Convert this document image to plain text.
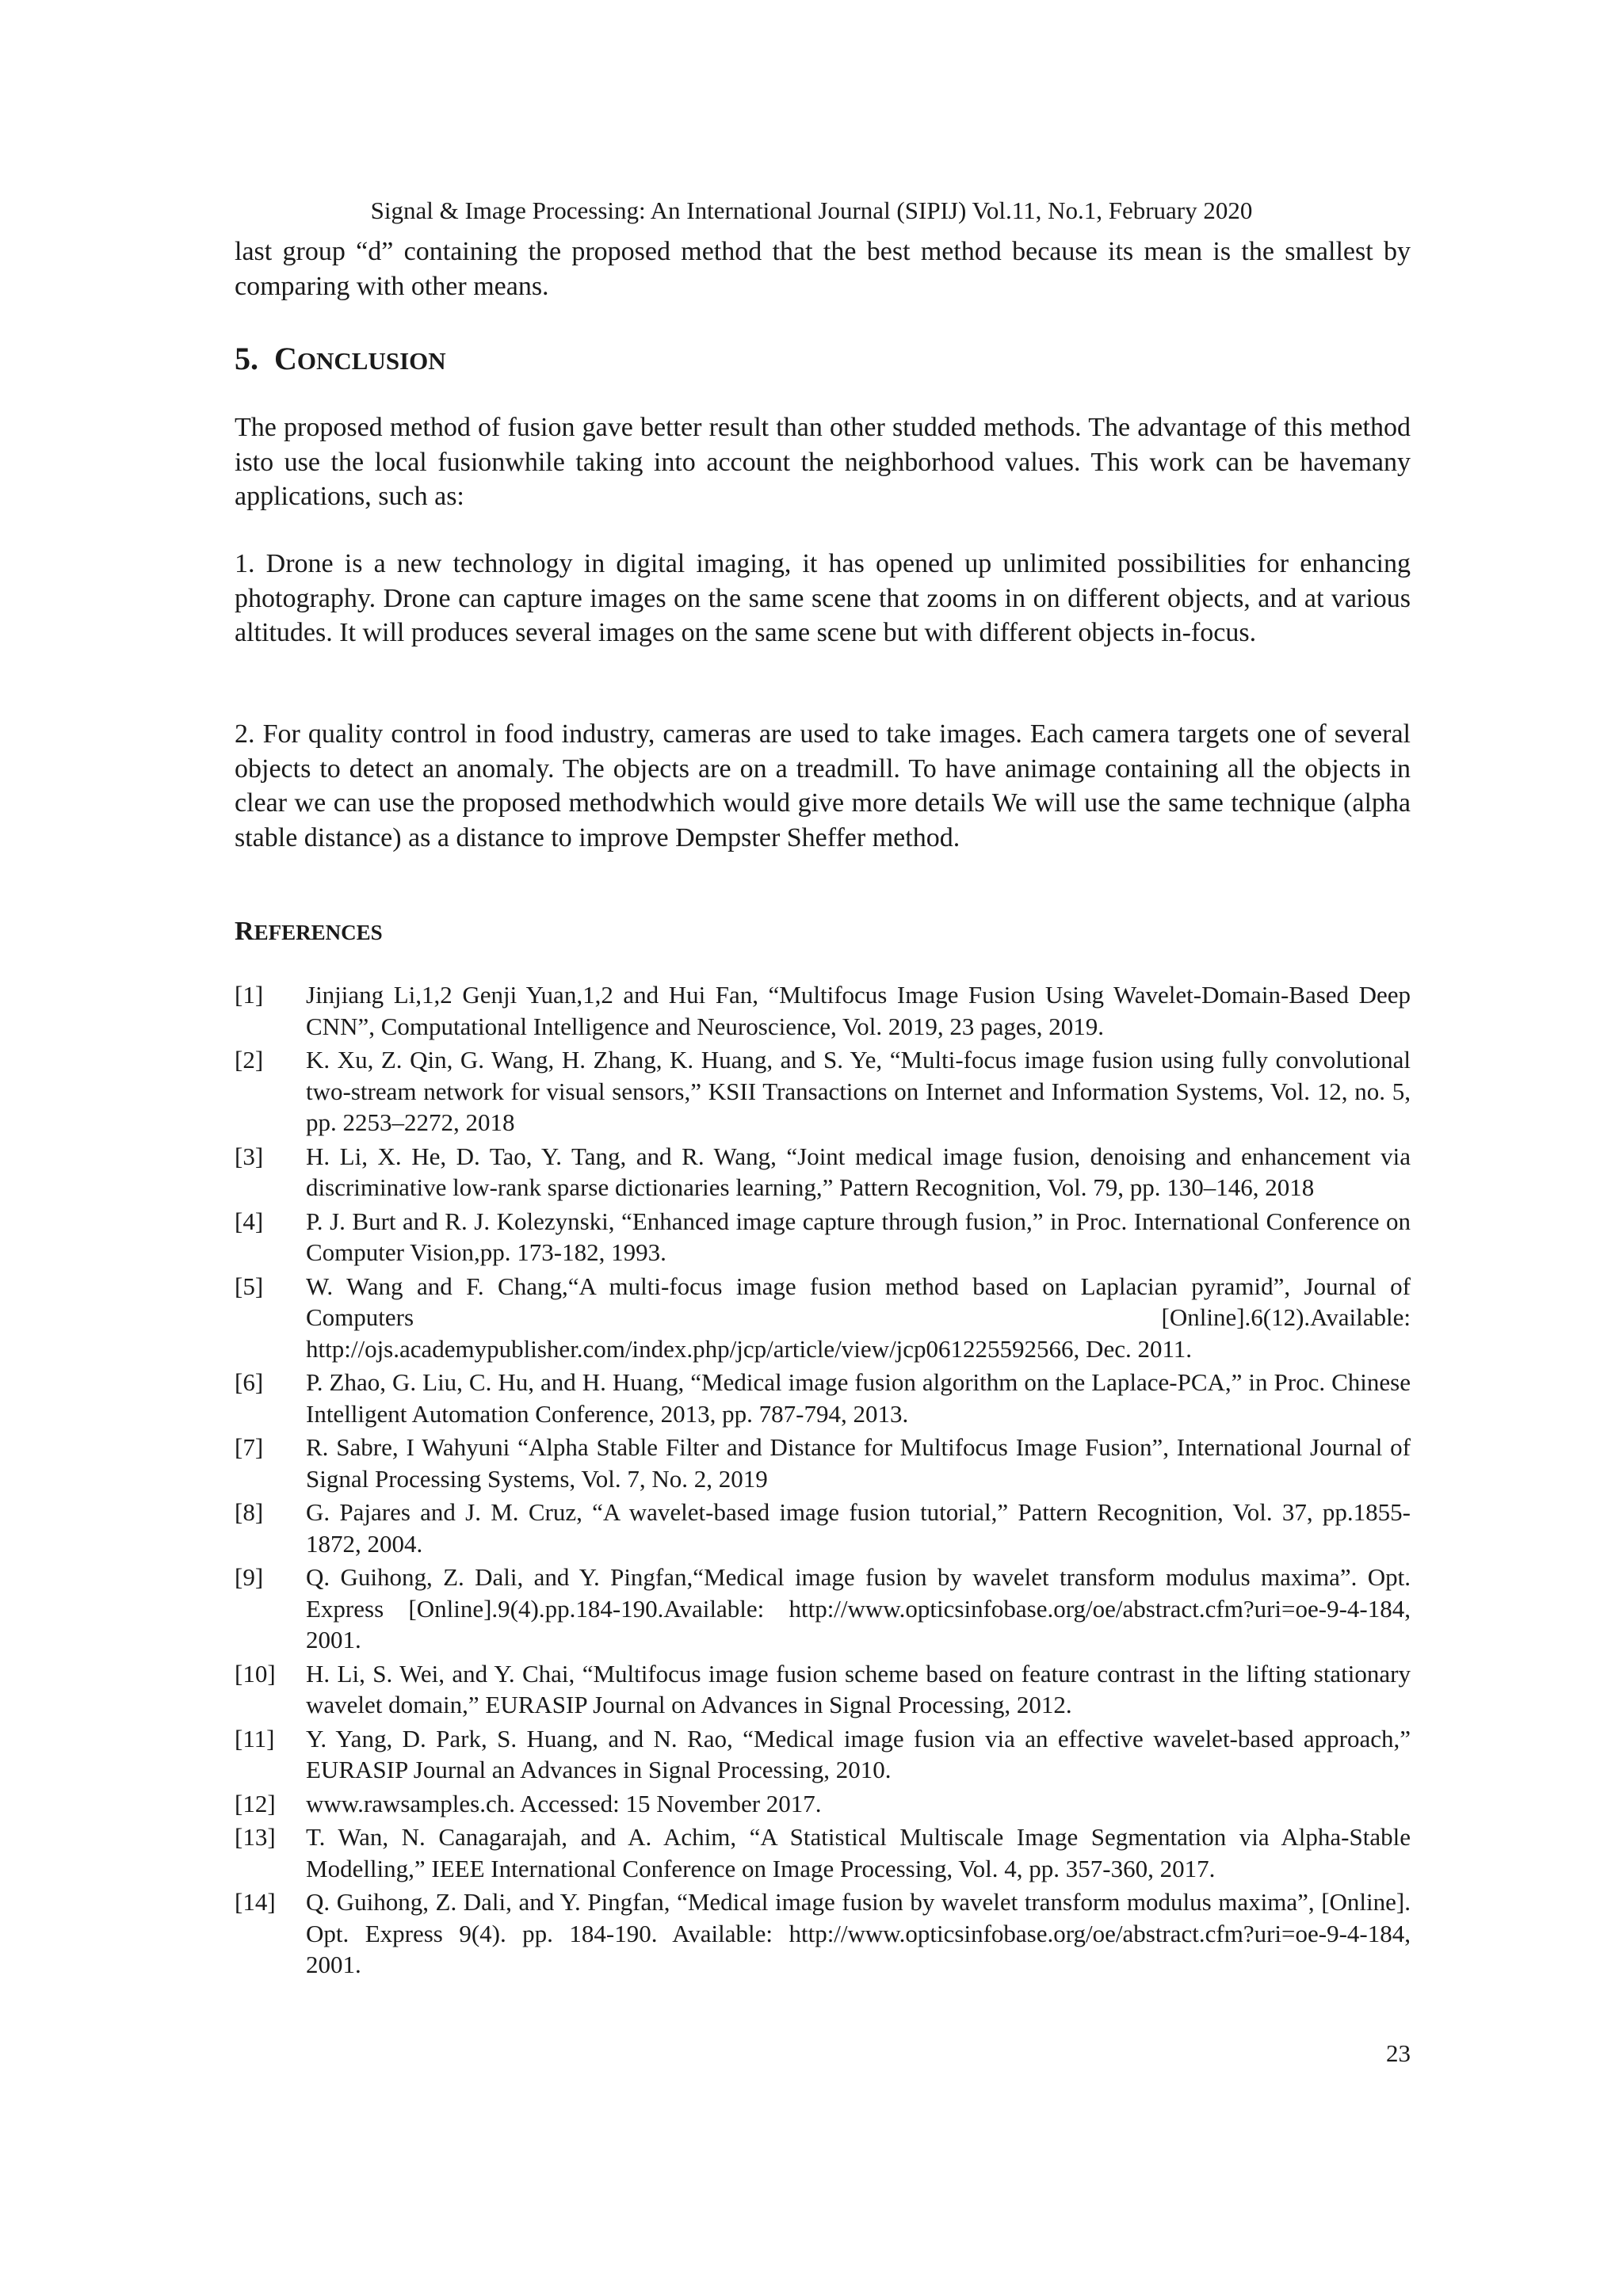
Signal & Image Processing: An International Journal (SIPIJ) Vol.11, No.1, February 2020

last group “d” containing the proposed method that the best method because its mean is the smallest by comparing with other means.

5. CONCLUSION

The proposed method of fusion gave better result than other studded methods. The advantage of this method isto use the local fusionwhile taking into account the neighborhood values. This work can be havemany applications, such as:

1. Drone is a new technology in digital imaging, it has opened up unlimited possibilities for enhancing photography. Drone can capture images on the same scene that zooms in on different objects, and at various altitudes. It will produces several images on the same scene but with different objects in-focus.

2. For quality control in food industry, cameras are used to take images. Each camera targets one of several objects to detect an anomaly. The objects are on a treadmill. To have animage containing all the objects in clear we can use the proposed methodwhich would give more details We will use the same technique (alpha stable distance) as a distance to improve Dempster Sheffer method.

REFERENCES
[1]	Jinjiang Li,1,2 Genji Yuan,1,2 and Hui Fan, “Multifocus Image Fusion Using Wavelet-Domain-Based Deep CNN”, Computational Intelligence and Neuroscience, Vol. 2019, 23 pages, 2019.
[2]	K. Xu, Z. Qin, G. Wang, H. Zhang, K. Huang, and S. Ye, “Multi-focus image fusion using fully convolutional two-stream network for visual sensors,” KSII Transactions on Internet and Information Systems, Vol. 12, no. 5, pp. 2253–2272, 2018
[3]	H. Li, X. He, D. Tao, Y. Tang, and R. Wang, “Joint medical image fusion, denoising and enhancement via discriminative low-rank sparse dictionaries learning,” Pattern Recognition, Vol. 79, pp. 130–146, 2018
[4]	P. J. Burt and R. J. Kolezynski, “Enhanced image capture through fusion,” in Proc. International Conference on Computer Vision,pp. 173-182, 1993.
[5]	W. Wang and F. Chang,“A multi-focus image fusion method based on Laplacian pyramid”, Journal of Computers [Online].6(12).Available: http://ojs.academypublisher.com/index.php/jcp/article/view/jcp061225592566, Dec. 2011.
[6]	P. Zhao, G. Liu, C. Hu, and H. Huang, “Medical image fusion algorithm on the Laplace-PCA,” in Proc. Chinese Intelligent Automation Conference, 2013, pp. 787-794, 2013.
[7]	R. Sabre, I Wahyuni “Alpha Stable Filter and Distance for Multifocus Image Fusion”, International Journal of Signal Processing Systems, Vol. 7, No. 2, 2019
[8]	G. Pajares and J. M. Cruz, “A wavelet-based image fusion tutorial,” Pattern Recognition, Vol. 37, pp.1855-1872, 2004.
[9]	Q. Guihong, Z. Dali, and Y. Pingfan,“Medical image fusion by wavelet transform modulus maxima”. Opt. Express [Online].9(4).pp.184-190.Available: http://www.opticsinfobase.org/oe/abstract.cfm?uri=oe-9-4-184, 2001.
[10]	H. Li, S. Wei, and Y. Chai, “Multifocus image fusion scheme based on feature contrast in the lifting stationary wavelet domain,” EURASIP Journal on Advances in Signal Processing, 2012.
[11]	Y. Yang, D. Park, S. Huang, and N. Rao, “Medical image fusion via an effective wavelet-based approach,” EURASIP Journal an Advances in Signal Processing, 2010.
[12]	www.rawsamples.ch. Accessed: 15 November 2017.
[13]	T. Wan, N. Canagarajah, and A. Achim, “A Statistical Multiscale Image Segmentation via Alpha-Stable Modelling,” IEEE International Conference on Image Processing, Vol. 4, pp. 357-360, 2017.
[14]	Q. Guihong, Z. Dali, and Y. Pingfan, “Medical image fusion by wavelet transform modulus maxima”, [Online]. Opt. Express 9(4). pp. 184-190. Available: http://www.opticsinfobase.org/oe/abstract.cfm?uri=oe-9-4-184, 2001.
23
